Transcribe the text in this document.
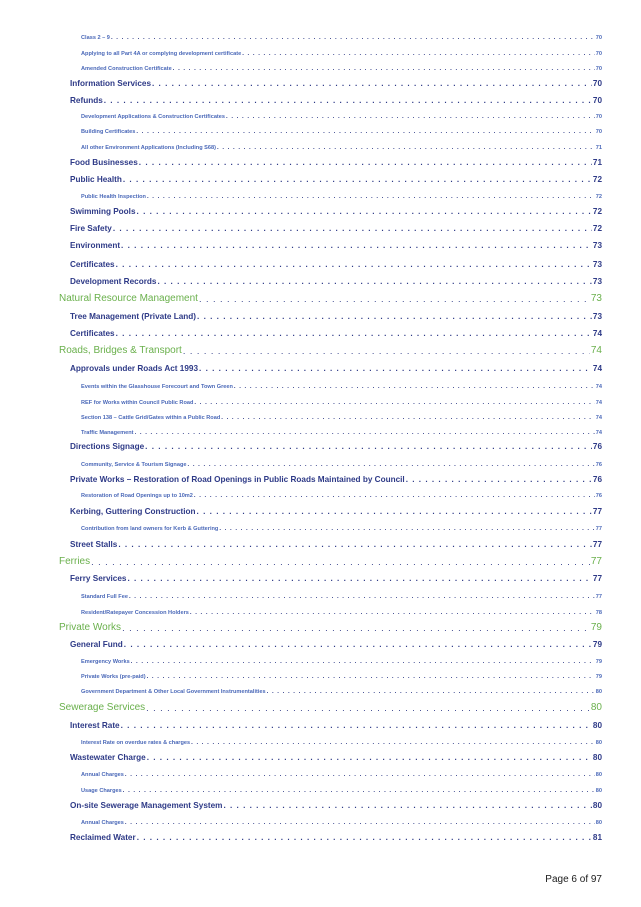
Class 2 – 9 . . .	70
Applying to all Part 4A or complying development certificate . . .	70
Amended Construction Certificate . . .	70
Information Services . . .	70
Refunds . . .	70
Development Applications & Construction Certificates . . .	70
Building Certificates . . .	70
All other Environment Applications (Including S68) . . .	71
Food Businesses . . .	71
Public Health . . .	72
Public Health Inspection . . .	72
Swimming Pools . . .	72
Fire Safety . . .	72
Environment . . .	73
Certificates . . .	73
Development Records . . .	73
Natural Resource Management . . .	73
Tree Management (Private Land) . . .	73
Certificates . . .	74
Roads, Bridges & Transport . . .	74
Approvals under Roads Act 1993 . . .	74
Events within the Glasshouse Forecourt and Town Green . . .	74
REF for Works within Council Public Road . . .	74
Section 138 – Cattle Grid/Gates within a Public Road . . .	74
Traffic Management . . .	74
Directions Signage . . .	76
Community, Service & Tourism Signage . . .	76
Private Works – Restoration of Road Openings in Public Roads Maintained by Council . . .	76
Restoration of Road Openings up to 10m2 . . .	76
Kerbing, Guttering Construction . . .	77
Contribution from land owners for Kerb & Guttering . . .	77
Street Stalls . . .	77
Ferries . . .	77
Ferry Services . . .	77
Standard Full Fee . . .	77
Resident/Ratepayer Concession Holders . . .	78
Private Works . . .	79
General Fund . . .	79
Emergency Works . . .	79
Private Works (pre-paid) . . .	79
Government Department & Other Local Government Instrumentalities . . .	80
Sewerage Services . . .	80
Interest Rate . . .	80
Interest Rate on overdue rates & charges . . .	80
Wastewater Charge . . .	80
Annual Charges . . .	80
Usage Charges . . .	80
On-site Sewerage Management System . . .	80
Annual Charges . . .	80
Reclaimed Water . . .	81
Page 6 of 97
